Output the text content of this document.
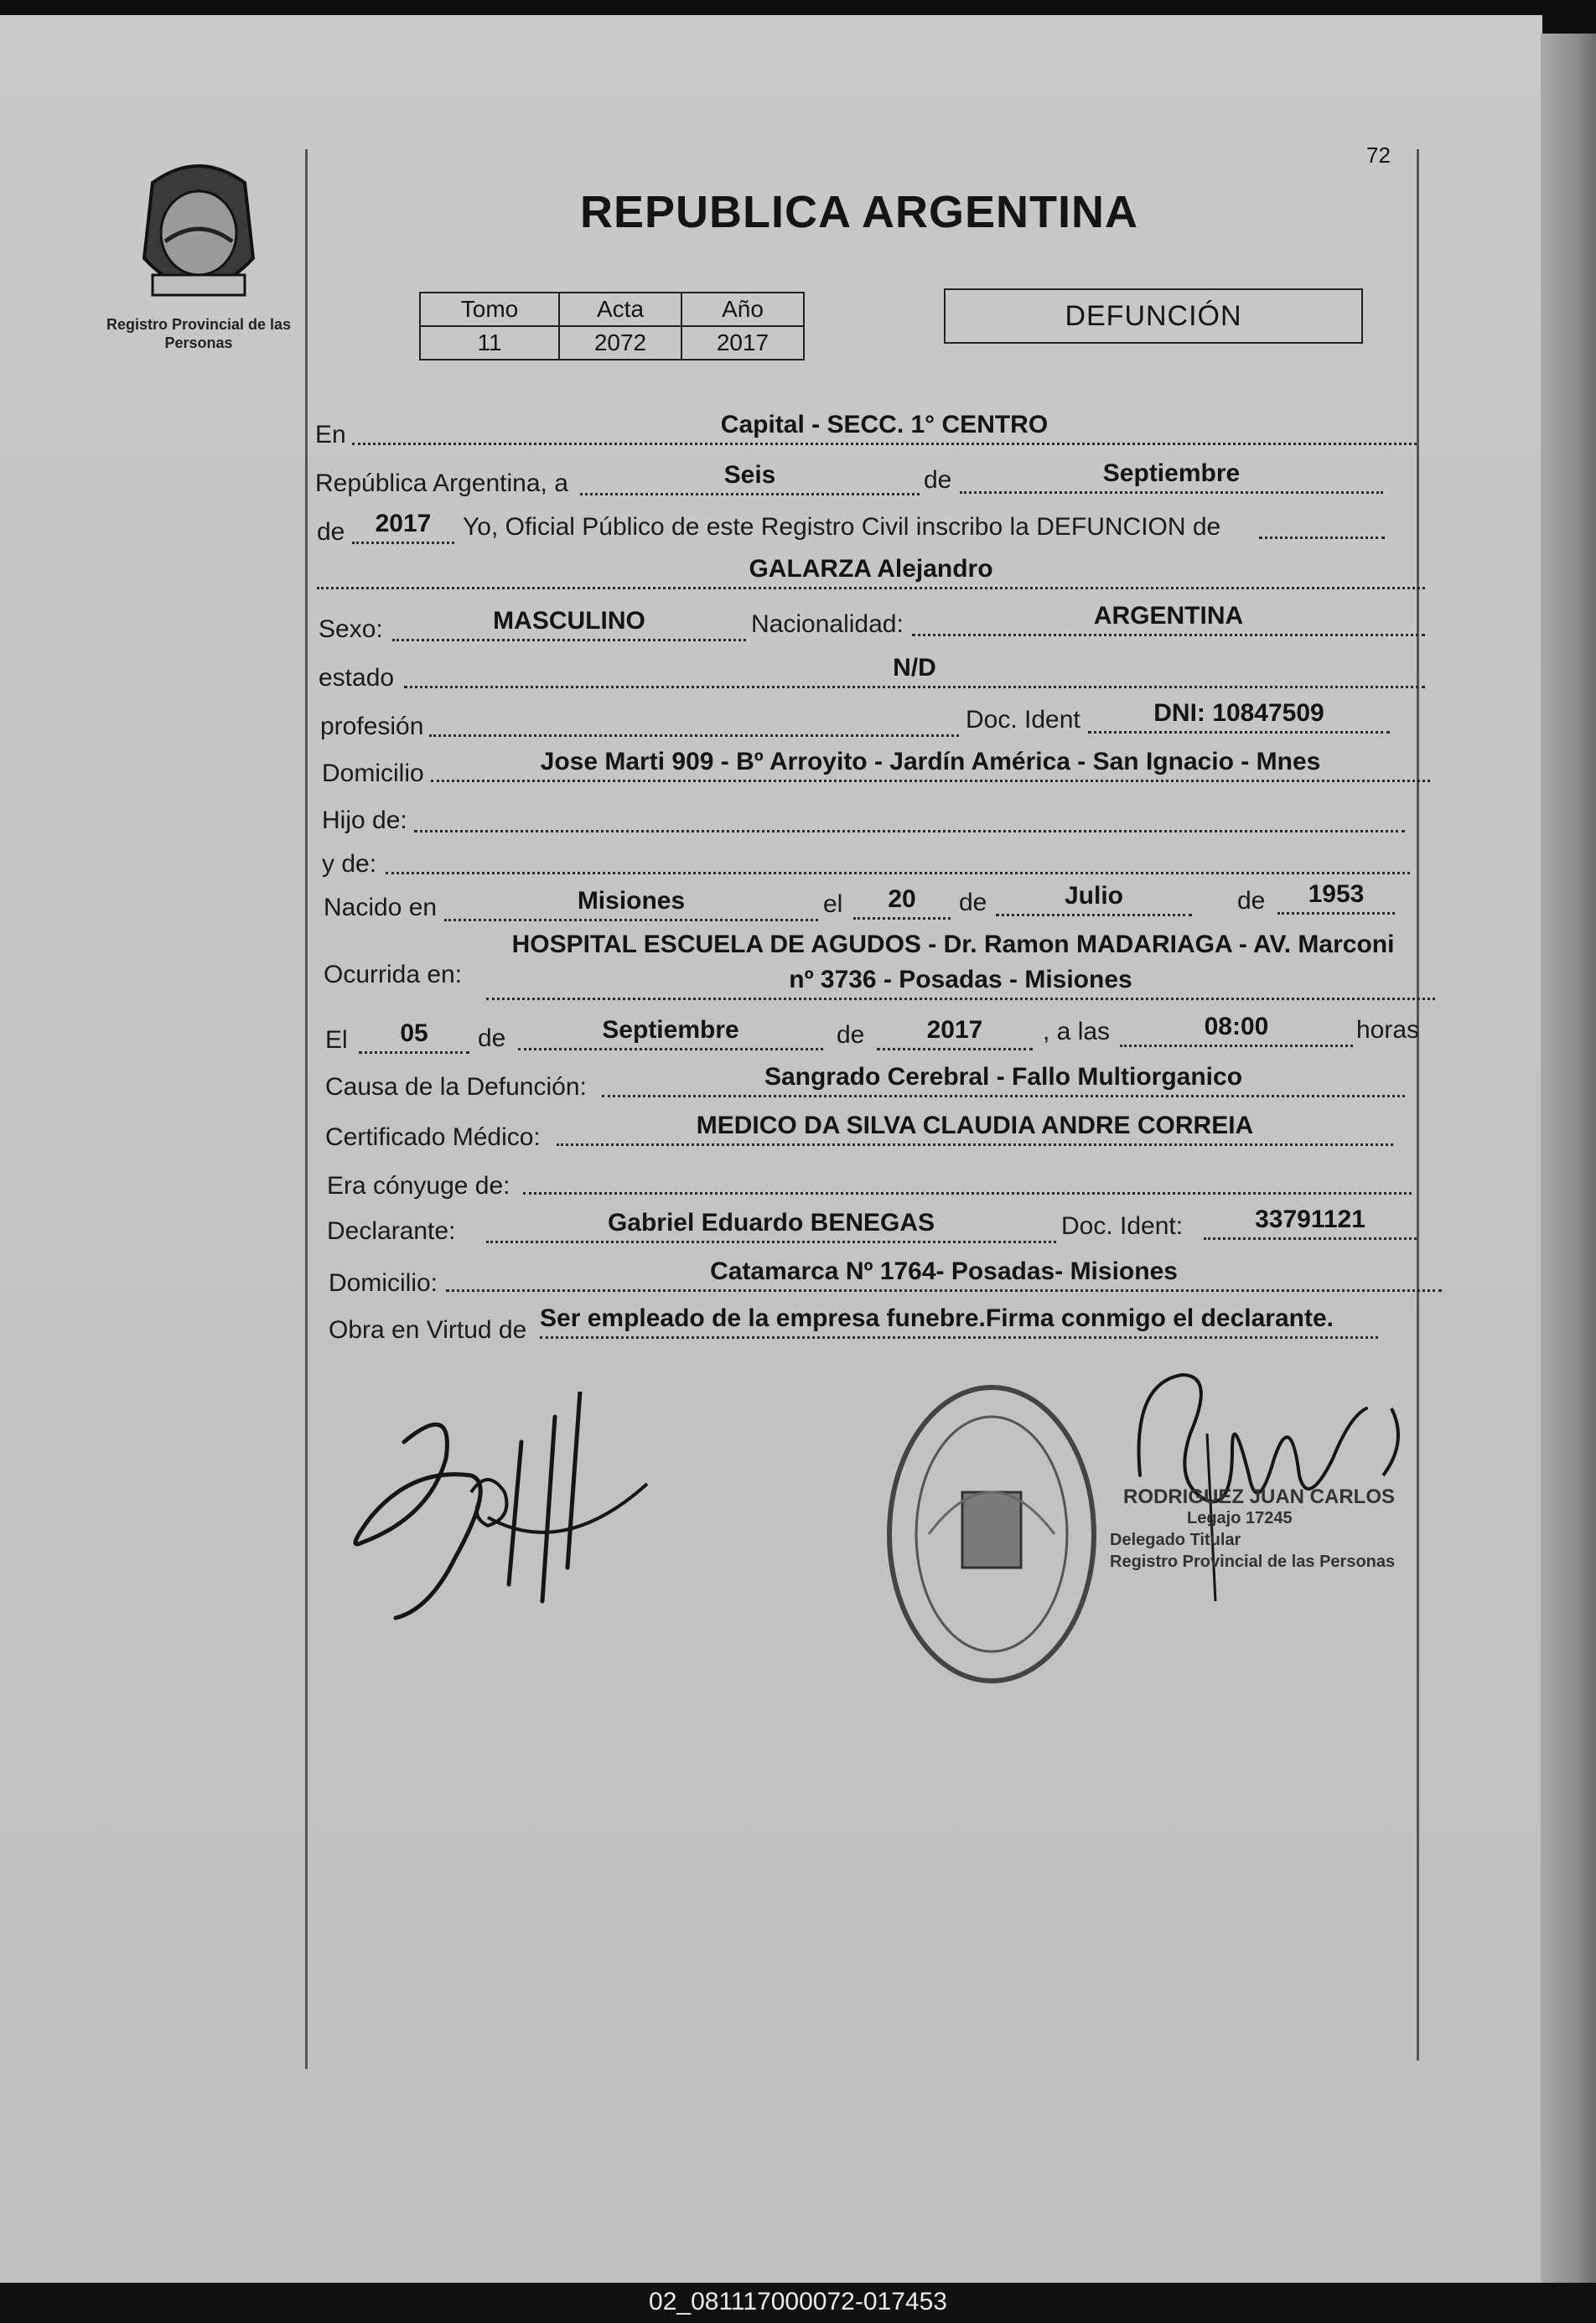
Registro Provincial de las Personas
72
REPUBLICA ARGENTINA
Tomo	Acta	Año
11	2072	2017
DEFUNCIÓN
En	Capital - SECC. 1° CENTRO
República Argentina, a	Seis	de	Septiembre
de	2017	Yo, Oficial Público de este Registro Civil inscribo la DEFUNCION de
GALARZA Alejandro
Sexo:	MASCULINO	Nacionalidad:	ARGENTINA
estado	N/D
profesión	Doc. Ident	DNI: 10847509
Domicilio	Jose Marti 909 - Bº Arroyito - Jardín América - San Ignacio - Mnes
Hijo de:
y de:
Nacido en	Misiones	el	20	de	Julio	de	1953
Ocurrida en:
HOSPITAL ESCUELA DE AGUDOS - Dr. Ramon MADARIAGA - AV. Marconi
nº 3736 - Posadas - Misiones
El	05	de	Septiembre	de	2017	, a las	08:00	horas
Causa de la Defunción:	Sangrado Cerebral - Fallo Multiorganico
Certificado Médico:	MEDICO DA SILVA CLAUDIA ANDRE CORREIA
Era cónyuge de:
Declarante:	Gabriel Eduardo BENEGAS	Doc. Ident:	33791121
Domicilio:	Catamarca Nº 1764- Posadas- Misiones
Obra en Virtud de Ser empleado de la empresa funebre.Firma conmigo el declarante.
RODRIGUEZ JUAN CARLOS
Legajo 17245
Delegado Titular
Registro Provincial de las Personas
02_081117000072-017453
